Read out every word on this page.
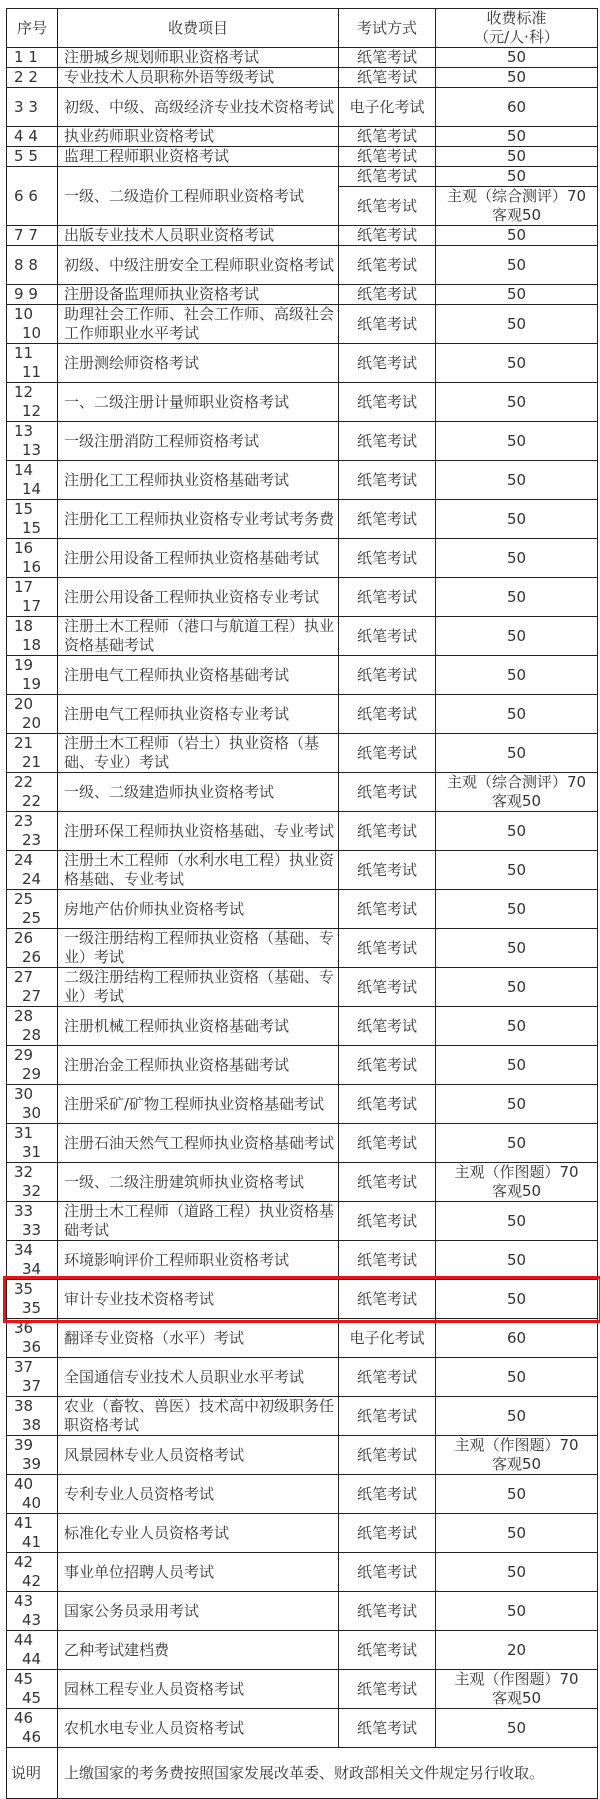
序号	收费项目	考试方式	收费标准
（元/人·科）

1 1	注册城乡规划师职业资格考试	纸笔考试	50

2 2	专业技术人员职称外语等级考试	纸笔考试	50

3 3	初级、中级、高级经济专业技术资格考试	电子化考试	60

4 4	执业药师职业资格考试	纸笔考试	50

5 5	监理工程师职业资格考试	纸笔考试	50

6 6	一级、二级造价工程师职业资格考试	纸笔考试	50

		纸笔考试	主观（综合测评）70
客观50

7 7	出版专业技术人员职业资格考试	纸笔考试	50

8 8	初级、中级注册安全工程师职业资格考试	纸笔考试	50

9 9	注册设备监理师执业资格考试	纸笔考试	50

10
10	助理社会工作师、社会工作师、高级社会工作师职业水平考试	纸笔考试	50

11
11	注册测绘师资格考试	纸笔考试	50

12
12	一、二级注册计量师职业资格考试	纸笔考试	50

13
13	一级注册消防工程师资格考试	纸笔考试	50

14
14	注册化工工程师执业资格基础考试	纸笔考试	50

15
15	注册化工工程师执业资格专业考试考务费	纸笔考试	50

16
16	注册公用设备工程师执业资格基础考试	纸笔考试	50

17
17	注册公用设备工程师执业资格专业考试	纸笔考试	50

18
18	注册土木工程师（港口与航道工程）执业资格基础考试	纸笔考试	50

19
19	注册电气工程师执业资格基础考试	纸笔考试	50

20
20	注册电气工程师执业资格专业考试	纸笔考试	50

21
21	注册土木工程师（岩土）执业资格（基础、专业）考试	纸笔考试	50

22
22	一级、二级建造师执业资格考试	纸笔考试	主观（综合测评）70
客观50

23
23	注册环保工程师执业资格基础、专业考试	纸笔考试	50

24
24	注册土木工程师（水利水电工程）执业资格基础、专业考试	纸笔考试	50

25
25	房地产估价师执业资格考试	纸笔考试	50

26
26	一级注册结构工程师执业资格（基础、专业）考试	纸笔考试	50

27
27	二级注册结构工程师执业资格（基础、专业）考试	纸笔考试	50

28
28	注册机械工程师执业资格基础考试	纸笔考试	50

29
29	注册冶金工程师执业资格基础考试	纸笔考试	50

30
30	注册采矿/矿物工程师执业资格基础考试	纸笔考试	50

31
31	注册石油天然气工程师执业资格基础考试	纸笔考试	50

32
32	一级、二级注册建筑师执业资格考试	纸笔考试	主观（作图题）70
客观50

33
33	注册土木工程师（道路工程）执业资格基础考试	纸笔考试	50

34
34	环境影响评价工程师职业资格考试	纸笔考试	50

35
35	审计专业技术资格考试	纸笔考试	50

36
36	翻译专业资格（水平）考试	电子化考试	60

37
37	全国通信专业技术人员职业水平考试	纸笔考试	50

38
38	农业（畜牧、兽医）技术高中初级职务任职资格考试	纸笔考试	50

39
39	风景园林专业人员资格考试	纸笔考试	主观（作图题）70
客观50

40
40	专利专业人员资格考试	纸笔考试	50

41
41	标准化专业人员资格考试	纸笔考试	50

42
42	事业单位招聘人员考试	纸笔考试	50

43
43	国家公务员录用考试	纸笔考试	50

44
44	乙种考试建档费	纸笔考试	20

45
45	园林工程专业人员资格考试	纸笔考试	主观（作图题）70
客观50

46
46	农机水电专业人员资格考试	纸笔考试	50

说明	上缴国家的考务费按照国家发展改革委、财政部相关文件规定另行收取。		
